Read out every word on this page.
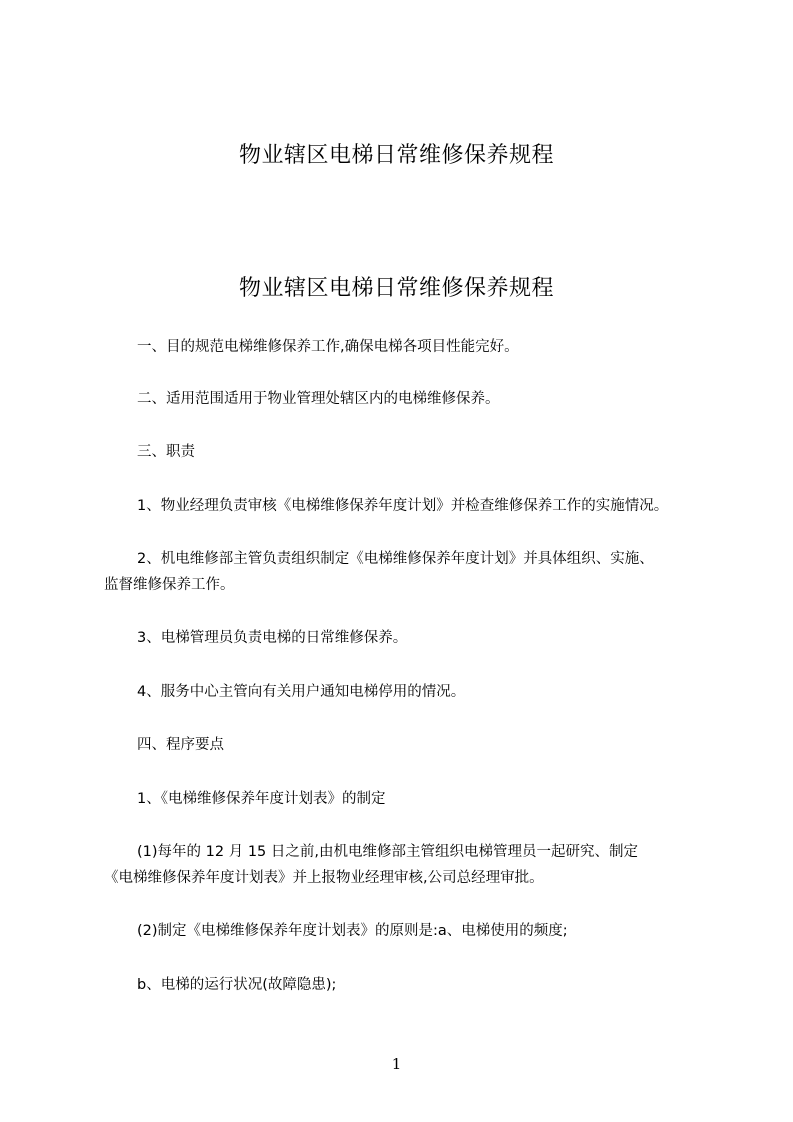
物业辖区电梯日常维修保养规程
物业辖区电梯日常维修保养规程

一、目的规范电梯维修保养工作,确保电梯各项目性能完好。

二、适用范围适用于物业管理处辖区内的电梯维修保养。

三、职责

1、物业经理负责审核《电梯维修保养年度计划》并检查维修保养工作的实施情况。

2、机电维修部主管负责组织制定《电梯维修保养年度计划》并具体组织、实施、
监督维修保养工作。

3、电梯管理员负责电梯的日常维修保养。

4、服务中心主管向有关用户通知电梯停用的情况。

四、程序要点

1、《电梯维修保养年度计划表》的制定

(1)每年的 12 月 15 日之前,由机电维修部主管组织电梯管理员一起研究、制定
《电梯维修保养年度计划表》并上报物业经理审核,公司总经理审批。

(2)制定《电梯维修保养年度计划表》的原则是:a、电梯使用的频度;

b、电梯的运行状况(故障隐患);

1
